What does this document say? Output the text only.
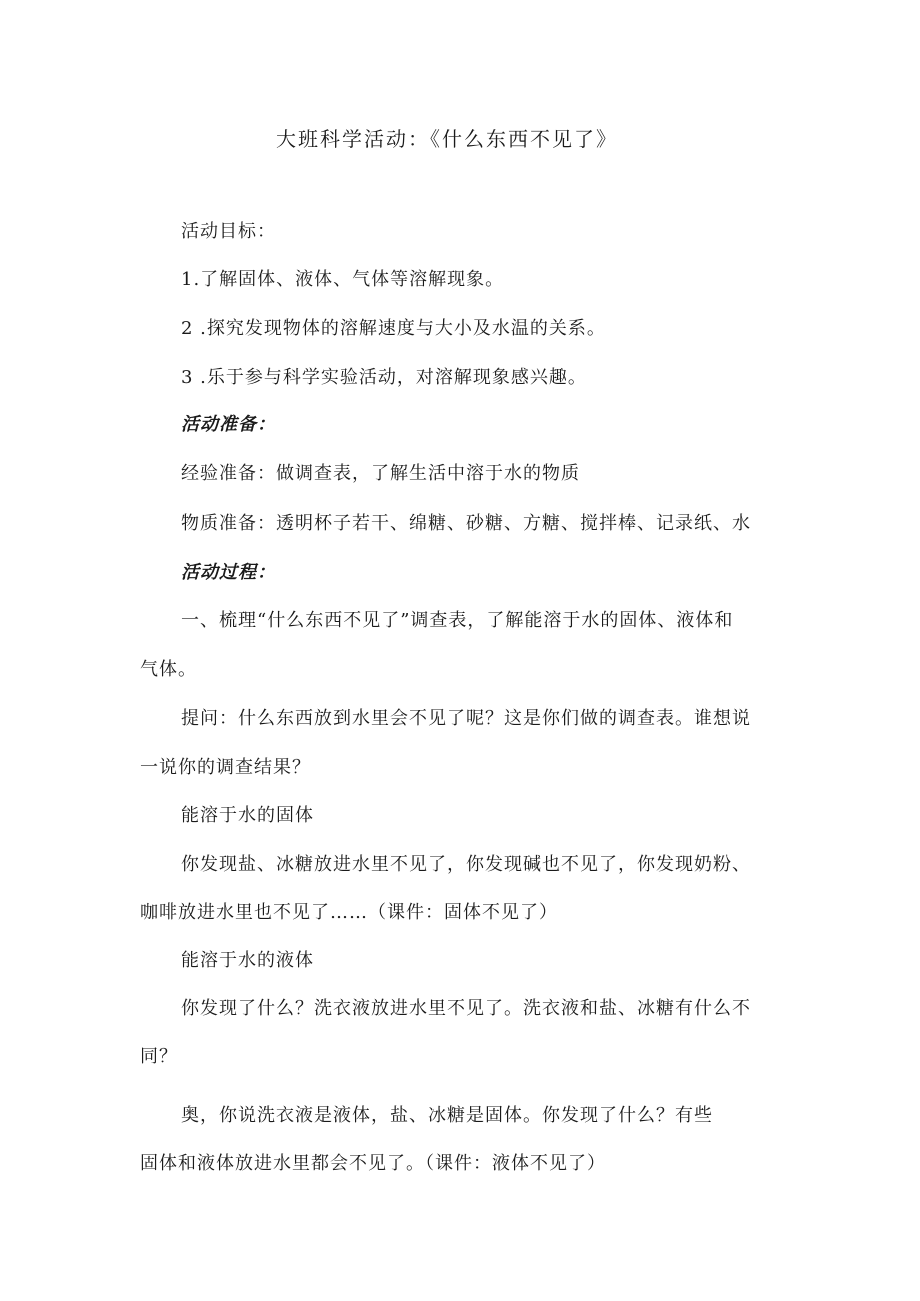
大班科学活动：《什么东西不见了》
活动目标：
1.了解固体、液体、气体等溶解现象。
2 .探究发现物体的溶解速度与大小及水温的关系。
3 .乐于参与科学实验活动，对溶解现象感兴趣。
活动准备：
经验准备：做调查表，了解生活中溶于水的物质
物质准备：透明杯子若干、绵糖、砂糖、方糖、搅拌棒、记录纸、水
活动过程：
一、梳理“什么东西不见了”调查表，了解能溶于水的固体、液体和
气体。
提问：什么东西放到水里会不见了呢？这是你们做的调查表。谁想说
一说你的调查结果？
能溶于水的固体
你发现盐、冰糖放进水里不见了，你发现碱也不见了，你发现奶粉、
咖啡放进水里也不见了……（课件：固体不见了）
能溶于水的液体
你发现了什么？洗衣液放进水里不见了。洗衣液和盐、冰糖有什么不
同？
奥，你说洗衣液是液体，盐、冰糖是固体。你发现了什么？有些
固体和液体放进水里都会不见了。（课件：液体不见了）
